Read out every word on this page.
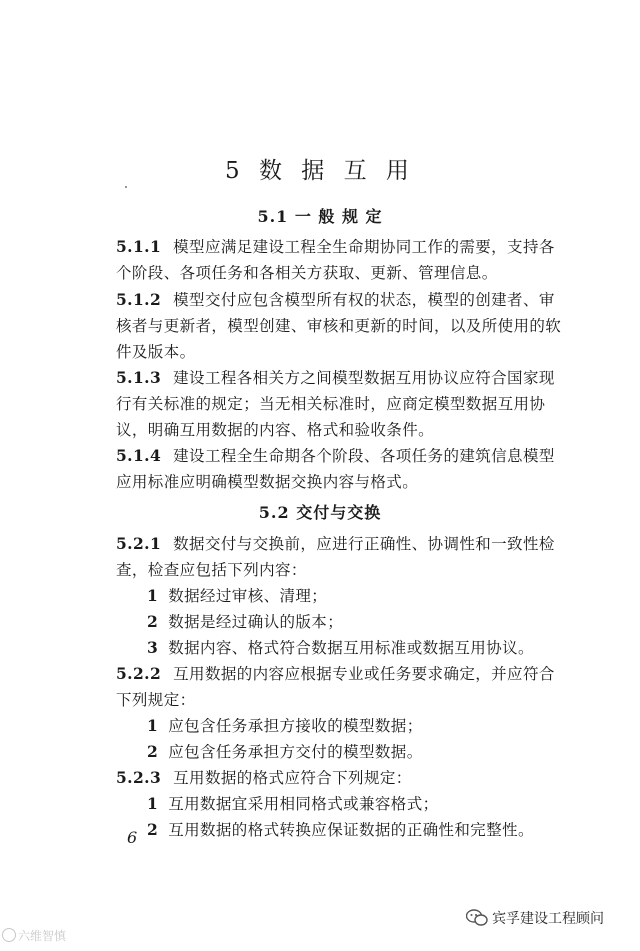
5 数 据 互 用
5.1 一 般 规 定
5.1.1 模型应满足建设工程全生命期协同工作的需要，支持各
个阶段、各项任务和各相关方获取、更新、管理信息。
5.1.2 模型交付应包含模型所有权的状态，模型的创建者、审
核者与更新者，模型创建、审核和更新的时间，以及所使用的软
件及版本。
5.1.3 建设工程各相关方之间模型数据互用协议应符合国家现
行有关标准的规定；当无相关标准时，应商定模型数据互用协
议，明确互用数据的内容、格式和验收条件。
5.1.4 建设工程全生命期各个阶段、各项任务的建筑信息模型
应用标准应明确模型数据交换内容与格式。
5.2 交付与交换
5.2.1 数据交付与交换前，应进行正确性、协调性和一致性检
查，检查应包括下列内容：
1 数据经过审核、清理；
2 数据是经过确认的版本；
3 数据内容、格式符合数据互用标准或数据互用协议。
5.2.2 互用数据的内容应根据专业或任务要求确定，并应符合
下列规定：
1 应包含任务承担方接收的模型数据；
2 应包含任务承担方交付的模型数据。
5.2.3 互用数据的格式应符合下列规定：
1 互用数据宜采用相同格式或兼容格式；
2 互用数据的格式转换应保证数据的正确性和完整性。
6
六维智慎
宾孚建设工程顾问
